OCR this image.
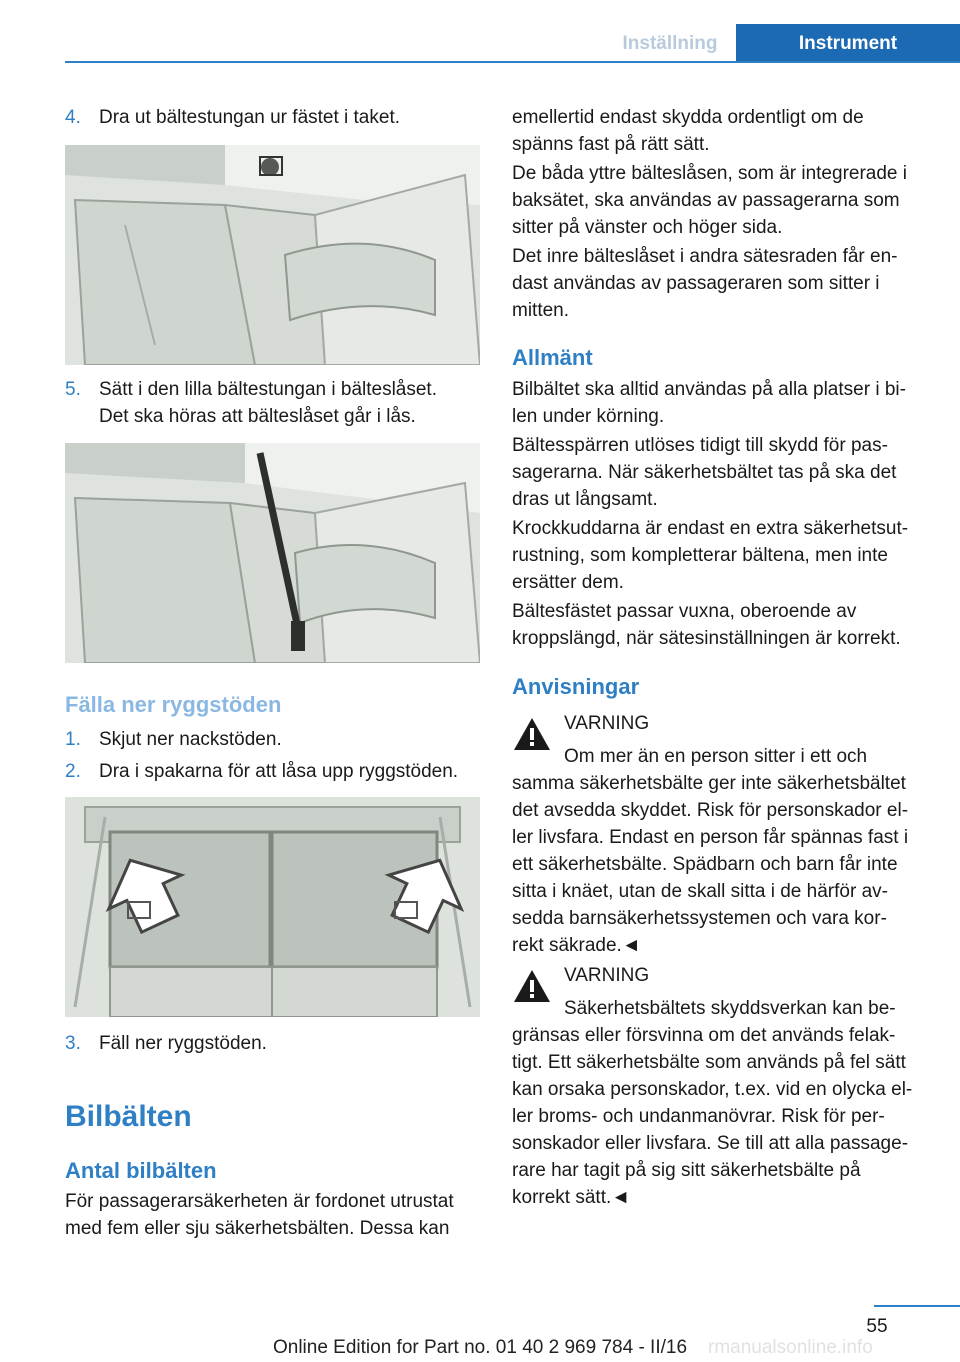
Inställning	Instrument
4. Dra ut bältestungan ur fästet i taket.
5. Sätt i den lilla bältestungan i bälteslåset.
Det ska höras att bälteslåset går i lås.
Fälla ner ryggstöden
1. Skjut ner nackstöden.
2. Dra i spakarna för att låsa upp ryggstöden.
3. Fäll ner ryggstöden.
Bilbälten
Antal bilbälten

För passagerarsäkerheten är fordonet utrustat

med fem eller sju säkerhetsbälten. Dessa kan

emellertid endast skydda ordentligt om de

spänns fast på rätt sätt.

De båda yttre bälteslåsen, som är integrerade i

baksätet, ska användas av passagerarna som

sitter på vänster och höger sida.

Det inre bälteslåset i andra sätesraden får en-

dast användas av passageraren som sitter i

mitten.

Allmänt

Bilbältet ska alltid användas på alla platser i bi-

len under körning.

Bältesspärren utlöses tidigt till skydd för pas-

sagerarna. När säkerhetsbältet tas på ska det

dras ut långsamt.

Krockkuddarna är endast en extra säkerhetsut-

rustning, som kompletterar bältena, men inte

ersätter dem.

Bältesfästet passar vuxna, oberoende av

kroppslängd, när sätesinställningen är korrekt.

Anvisningar
VARNING

Om mer än en person sitter i ett och

samma säkerhetsbälte ger inte säkerhetsbältet

det avsedda skyddet. Risk för personskador el-

ler livsfara. Endast en person får spännas fast i

ett säkerhetsbälte. Spädbarn och barn får inte

sitta i knäet, utan de skall sitta i de härför av-

sedda barnsäkerhetssystemen och vara kor-

rekt säkrade.◄

VARNING

Säkerhetsbältets skyddsverkan kan be-

gränsas eller försvinna om det används felak-

tigt. Ett säkerhetsbälte som används på fel sätt

kan orsaka personskador, t.ex. vid en olycka el-

ler broms- och undanmanövrar. Risk för per-

sonskador eller livsfara. Se till att alla passage-

rare har tagit på sig sitt säkerhetsbälte på

korrekt sätt.◄

55
Online Edition for Part no. 01 40 2 969 784 - II/16	rmanualsonline.info
